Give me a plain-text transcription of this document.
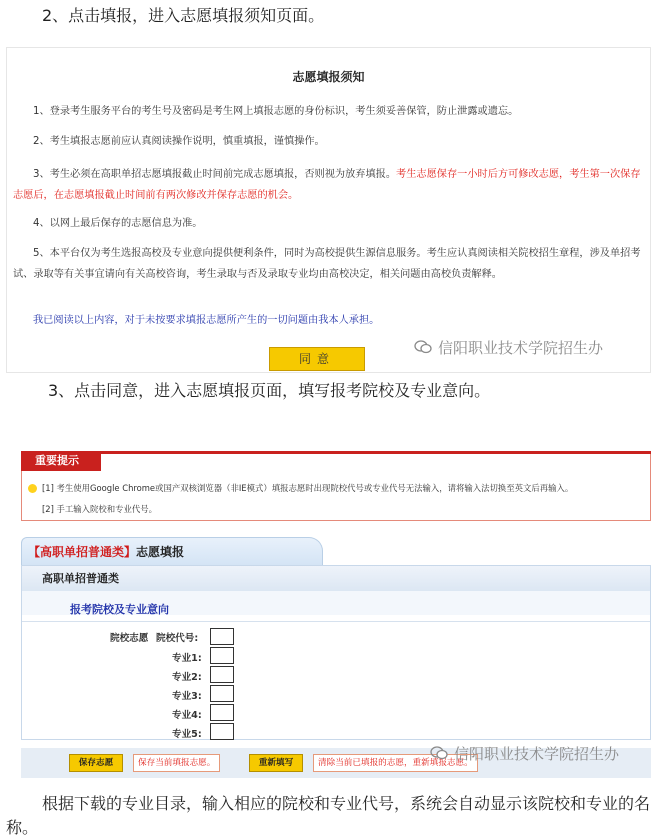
2、点击填报，进入志愿填报须知页面。
志愿填报须知
1、登录考生服务平台的考生号及密码是考生网上填报志愿的身份标识，考生须妥善保管，防止泄露或遗忘。
2、考生填报志愿前应认真阅读操作说明，慎重填报，谨慎操作。
3、考生必须在高职单招志愿填报截止时间前完成志愿填报，否则视为放弃填报。考生志愿保存一小时后方可修改志愿，考生第一次保存志愿后，在志愿填报截止时间前有两次修改并保存志愿的机会。
4、以网上最后保存的志愿信息为准。
5、本平台仅为考生选报高校及专业意向提供便利条件，同时为高校提供生源信息服务。考生应认真阅读相关院校招生章程，涉及单招考试、录取等有关事宜请向有关高校咨询，考生录取与否及录取专业均由高校决定，相关问题由高校负责解释。
我已阅读以上内容，对于未按要求填报志愿所产生的一切问题由我本人承担。
同意
信阳职业技术学院招生办
3、点击同意，进入志愿填报页面，填写报考院校及专业意向。
重要提示
[1] 考生使用Google Chrome或国产双核浏览器（非IE模式）填报志愿时出现院校代号或专业代号无法输入，请将输入法切换至英文后再输入。
[2] 手工输入院校和专业代号。
【高职单招普通类】志愿填报
高职单招普通类
报考院校及专业意向
院校志愿 院校代号:
专业1:
专业2:
专业3:
专业4:
专业5:
保存志愿	保存当前填报志愿。	重新填写	清除当前已填报的志愿，重新填报志愿。
信阳职业技术学院招生办
根据下载的专业目录，输入相应的院校和专业代号，系统会自动显示该院校和专业的名称。
